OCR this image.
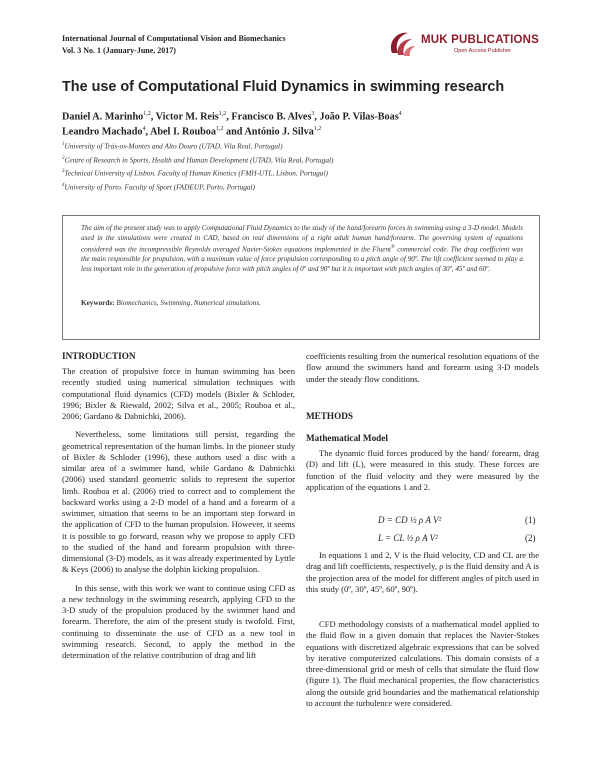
International Journal of Computational Vision and Biomechanics
Vol. 3 No. 1 (January-June, 2017)
MUK PUBLICATIONS
Open Access Publisher
The use of Computational Fluid Dynamics in swimming research
Daniel A. Marinho$^{1,2}$, Victor M. Reis$^{1,2}$, Francisco B. Alves$^3$, João P. Vilas-Boas$^4$
Leandro Machado$^4$, Abel I. Rouboa$^{1,2}$ and António J. Silva$^{1,2}$
$^1$University of Trás-os-Montes and Alto Douro (UTAD, Vila Real, Portugal)
$^2$Centre of Research in Sports, Health and Human Development (UTAD, Vila Real, Portugal)
$^3$Technical University of Lisbon. Faculty of Human Kinetics (FMH-UTL, Lisbon, Portugal)
$^4$University of Porto. Faculty of Sport (FADEUP, Porto, Portugal)
The aim of the present study was to apply Computational Fluid Dynamics to the study of the hand/forearm forces in swimming using a 3-D model. Models used in the simulations were created in CAD, based on real dimensions of a right adult human hand/forearm. The governing system of equations considered was the incompressible Reynolds averaged Navier-Stokes equations implemented in the Fluent® commercial code. The drag coefficient was the main responsible for propulsion, with a maximum value of force propulsion corresponding to a pitch angle of 90º. The lift coefficient seemed to play a less important role in the generation of propulsive force with pitch angles of 0º and 90º but it is important with pitch angles of 30º, 45º and 60º.
Keywords: Biomechanics, Swimming, Numerical simulations.
INTRODUCTION

The creation of propulsive force in human swimming has been recently studied using numerical simulation techniques with computational fluid dynamics (CFD) models (Bixler & Schloder, 1996; Bixler & Riewald, 2002; Silva et al., 2005; Rouboa et al., 2006; Gardano & Dabnichki, 2006).

Nevertheless, some limitations still persist, regarding the geometrical representation of the human limbs. In the pioneer study of Bixler & Schloder (1996), these authors used a disc with a similar area of a swimmer hand, while Gardano & Dabnichki (2006) used standard geometric solids to represent the superior limb. Rouboa et al. (2006) tried to correct and to complement the backward works using a 2-D model of a hand and a forearm of a swimmer, situation that seems to be an important step forward in the application of CFD to the human propulsion. However, it seems it is possible to go forward, reason why we propose to apply CFD to the studied of the hand and forearm propulsion with three-dimensional (3-D) models, as it was already experimented by Lyttle & Keys (2006) to analyse the dolphin kicking propulsion.

In this sense, with this work we want to continue using CFD as a new technology in the swimming research, applying CFD to the 3-D study of the propulsion produced by the swimmer hand and forearm. Therefore, the aim of the present study is twofold. First, continuing to disseminate the use of CFD as a new tool in swimming research. Second, to apply the method in the determination of the relative contribution of drag and lift

coefficients resulting from the numerical resolution equations of the flow around the swimmers hand and forearm using 3-D models under the steady flow conditions.

METHODS
Mathematical Model

The dynamic fluid forces produced by the hand/ forearm, drag (D) and lift (L), were measured in this study. These forces are function of the fluid velocity and they were measured by the application of the equations 1 and 2.

D = CD ½ ρ A V²	(1)
L = CL ½ ρ A V²	(2)

In equations 1 and 2, V is the fluid velocity, CD and CL are the drag and lift coefficients, respectively, ρ is the fluid density and A is the projection area of the model for different angles of pitch used in this study (0º, 30º, 45º, 60º, 90º).

CFD methodology consists of a mathematical model applied to the fluid flow in a given domain that replaces the Navier-Stokes equations with discretized algebraic expressions that can be solved by iterative computerized calculations. This domain consists of a three-dimensional grid or mesh of cells that simulate the fluid flow (figure 1). The fluid mechanical properties, the flow characteristics along the outside grid boundaries and the mathematical relationship to account the turbulence were considered.
